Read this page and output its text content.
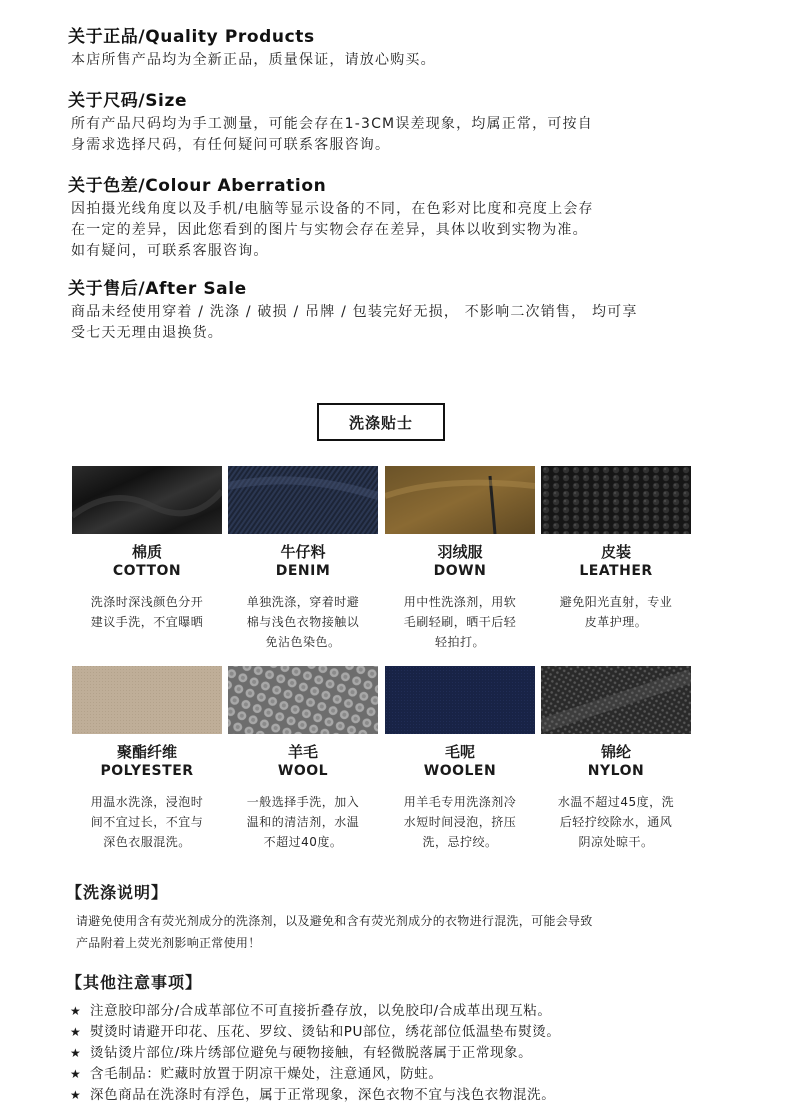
关于正品/Quality Products

本店所售产品均为全新正品，质量保证，请放心购买。

关于尺码/Size

所有产品尺码均为手工测量，可能会存在1-3CM误差现象，均属正常，可按自

身需求选择尺码，有任何疑问可联系客服咨询。

关于色差/Colour Aberration

因拍摄光线角度以及手机/电脑等显示设备的不同，在色彩对比度和亮度上会存

在一定的差异，因此您看到的图片与实物会存在差异，具体以收到实物为准。

如有疑问，可联系客服咨询。

关于售后/After Sale

商品未经使用穿着 / 洗涤 / 破损 / 吊牌 / 包装完好无损， 不影响二次销售， 均可享

受七天无理由退换货。

洗涤贴士
棉质
COTTON
洗涤时深浅颜色分开
建议手洗，不宜曝晒
牛仔料
DENIM
单独洗涤，穿着时避
棉与浅色衣物接触以
免沾色染色。
羽绒服
DOWN
用中性洗涤剂，用软
毛刷轻刷，晒干后轻
轻拍打。
皮装
LEATHER
避免阳光直射，专业
皮革护理。
聚酯纤维
POLYESTER
用温水洗涤，浸泡时
间不宜过长，不宜与
深色衣服混洗。
羊毛
WOOL
一般选择手洗，加入
温和的清洁剂，水温
不超过40度。
毛呢
WOOLEN
用羊毛专用洗涤剂冷
水短时间浸泡，挤压
洗，忌拧绞。
锦纶
NYLON
水温不超过45度，洗
后轻拧绞除水，通风
阴凉处晾干。
【洗涤说明】
请避免使用含有荧光剂成分的洗涤剂，以及避免和含有荧光剂成分的衣物进行混洗，可能会导致
产品附着上荧光剂影响正常使用！
【其他注意事项】
★ 注意胶印部分/合成革部位不可直接折叠存放，以免胶印/合成革出现互粘。
★ 熨烫时请避开印花、压花、罗纹、烫钻和PU部位，绣花部位低温垫布熨烫。
★ 烫钻烫片部位/珠片绣部位避免与硬物接触，有轻微脱落属于正常现象。
★ 含毛制品：贮藏时放置于阴凉干燥处，注意通风，防蛀。
★ 深色商品在洗涤时有浮色，属于正常现象，深色衣物不宜与浅色衣物混洗。
